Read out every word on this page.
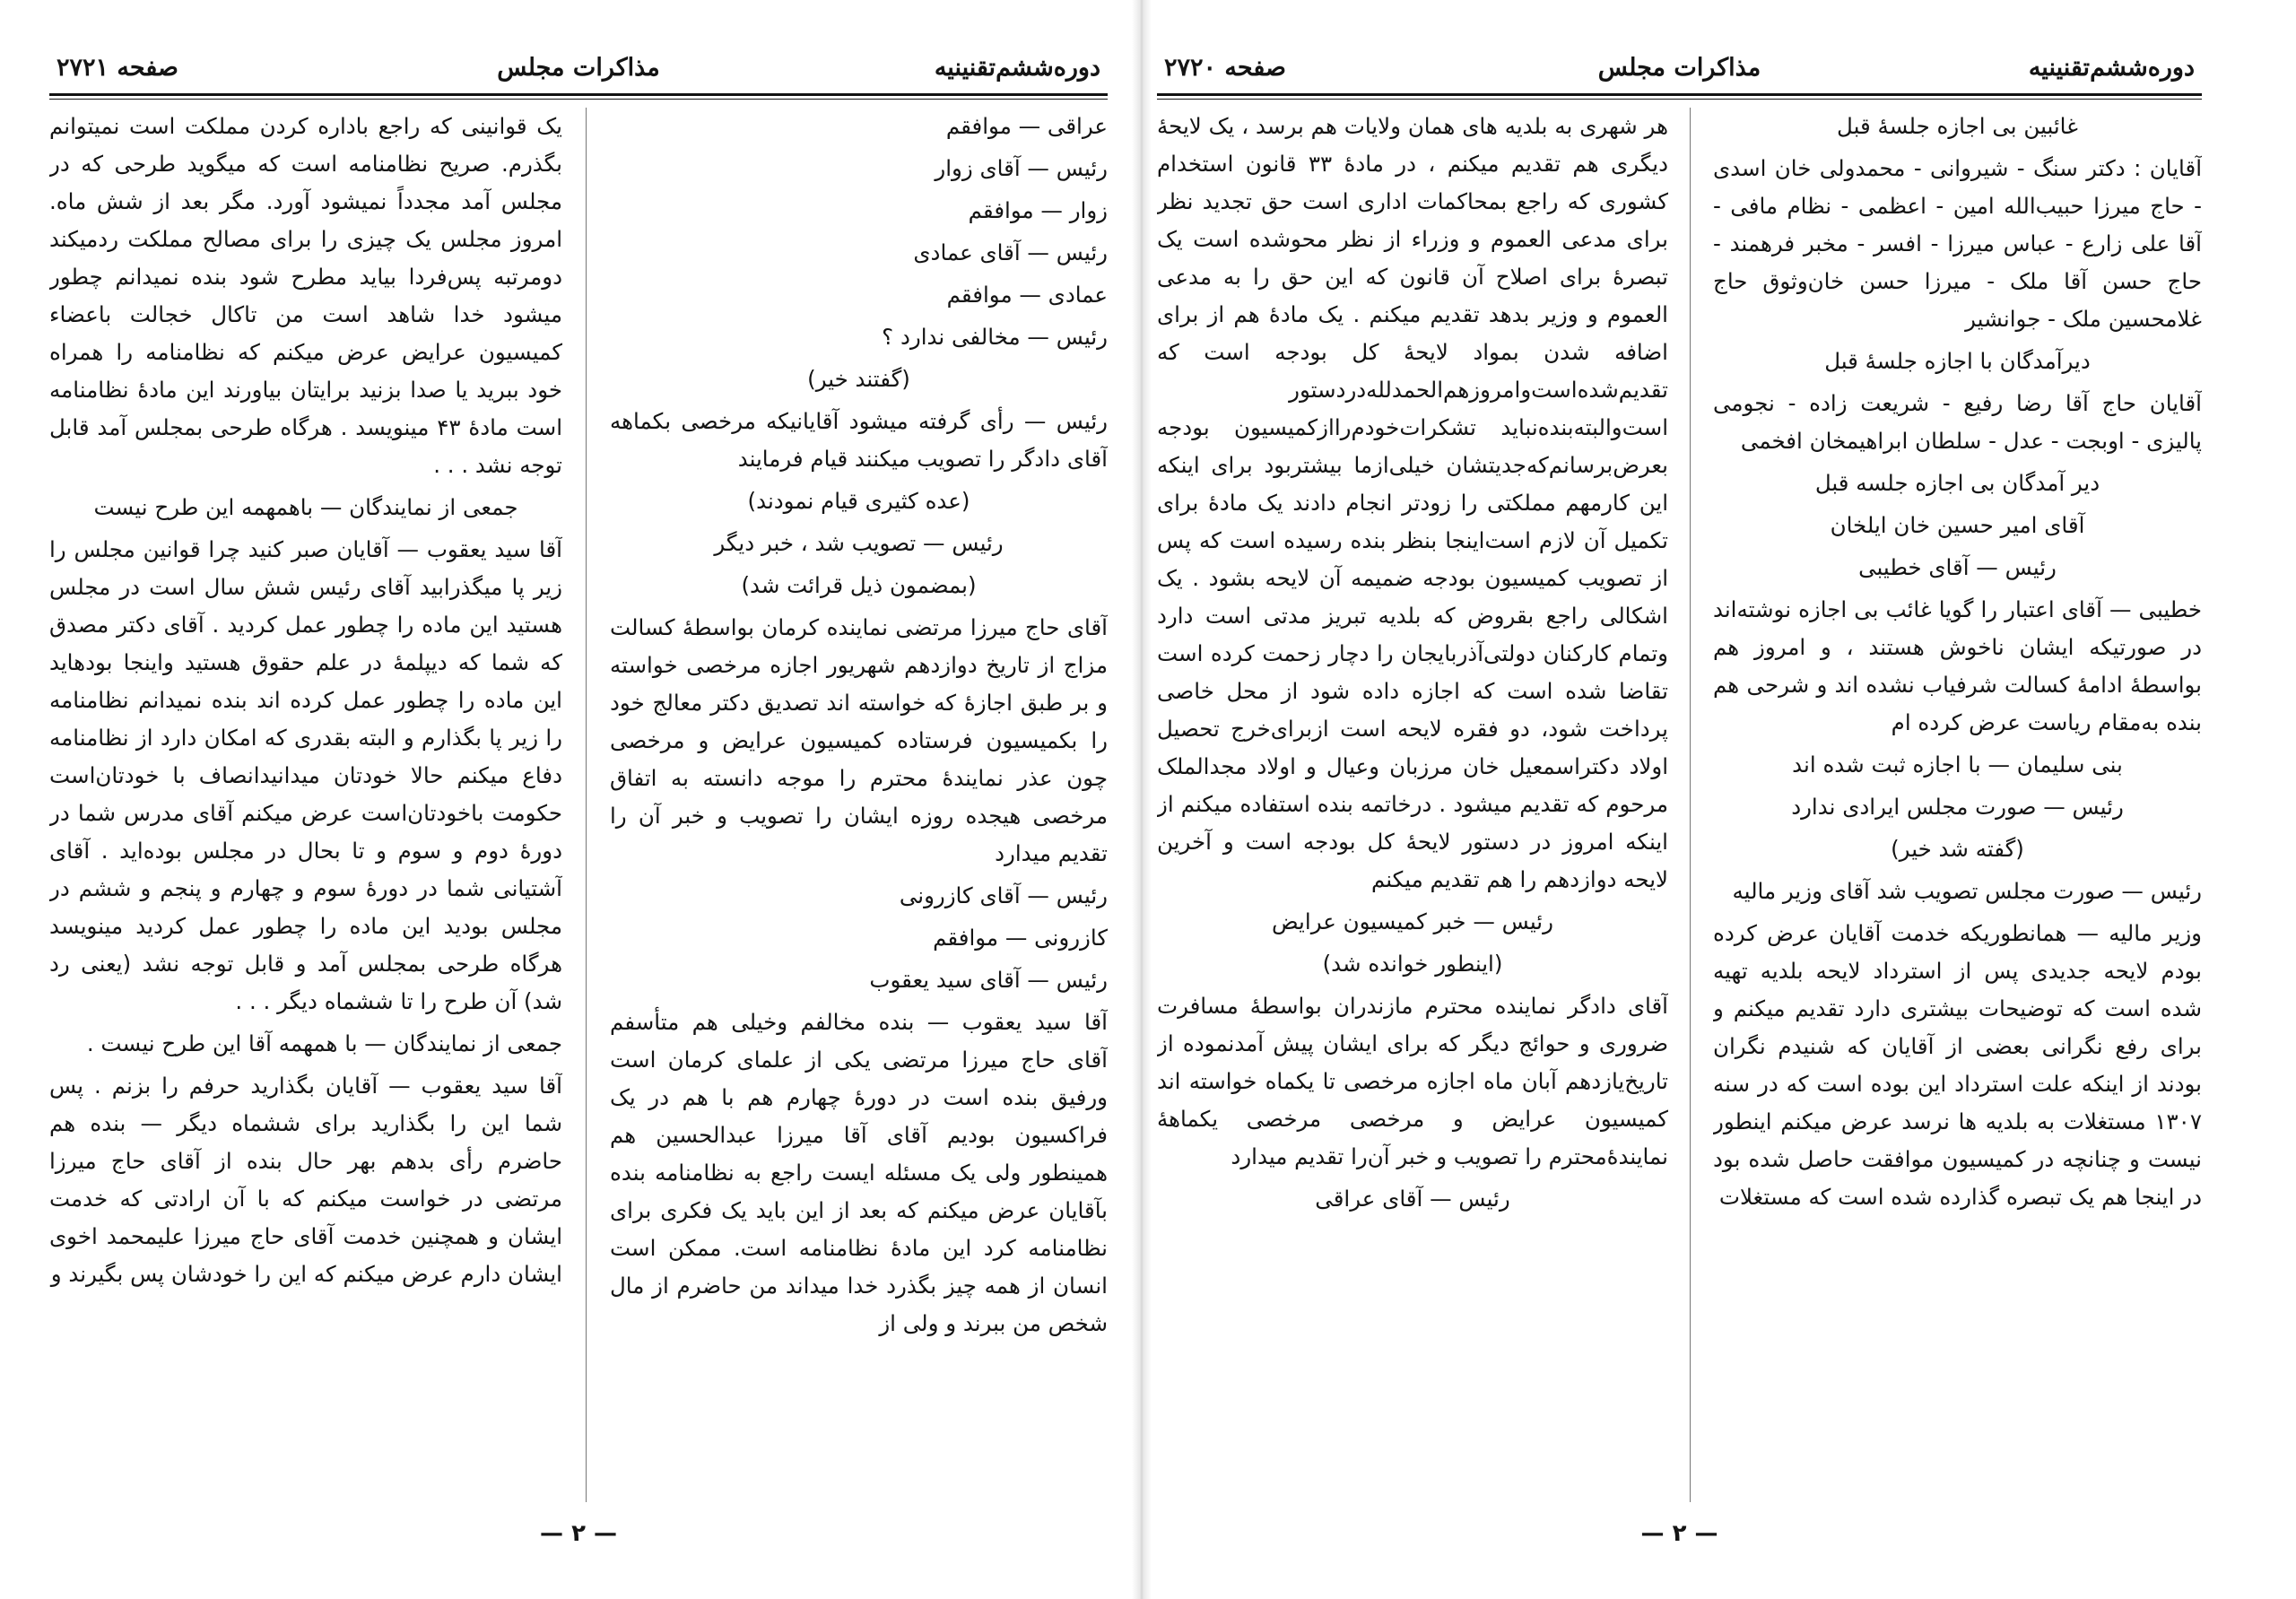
دوره‌ششم‌تقنینیه
مذاکرات مجلس
صفحه ۲۷۲۱

عراقی — موافقم

رئیس — آقای زوار

زوار — موافقم

رئیس — آقای عمادی

عمادی — موافقم

رئیس — مخالفی ندارد ؟

(گفتند خیر)

رئیس — رأی گرفته میشود آقایانیکه مرخصی بکماهه آقای دادگر را تصویب میکنند قیام فرمایند

(عده کثیری قیام نمودند)

رئیس — تصویب شد ، خبر دیگر

(بمضمون ذیل قرائت شد)

آقای حاج میرزا مرتضی نماینده کرمان بواسطهٔ کسالت مزاج از تاریخ دوازدهم شهریور اجازه مرخصی خواسته و بر طبق اجازهٔ که خواسته اند تصدیق دکتر معالج خود را بکمیسیون فرستاده کمیسیون عرایض و مرخصی چون عذر نمایندهٔ محترم را موجه دانسته به اتفاق مرخصی هیجده روزه ایشان را تصویب و خبر آن را تقدیم میدارد

رئیس — آقای کازرونی

کازرونی — موافقم

رئیس — آقای سید یعقوب

آقا سید یعقوب — بنده مخالفم وخیلی هم متأسفم آقای حاج میرزا مرتضی یکی از علمای کرمان است ورفیق بنده است در دورهٔ چهارم هم با هم در یک فراکسیون بودیم آقای آقا میرزا عبدالحسین هم همینطور ولی یک مسئله ایست راجع به نظامنامه بنده بآقایان عرض میکنم که بعد از این باید یک فکری برای نظامنامه کرد این مادهٔ نظامنامه است. ممکن است انسان از همه چیز بگذرد خدا میداند من حاضرم از مال شخص من ببرند و ولی از

یک قوانینی که راجع باداره کردن مملکت است نمیتوانم بگذرم. صریح نظامنامه است که میگوید طرحی که در مجلس آمد مجدداً نمیشود آورد. مگر بعد از شش ماه. امروز مجلس یک چیزی را برای مصالح مملکت ردمیکند دومرتبه پس‌فردا بیاید مطرح شود بنده نمیدانم چطور میشود خدا شاهد است من تاکال خجالت باعضاء کمیسیون عرایض عرض میکنم که نظامنامه را همراه خود ببرید یا صدا بزنید برایتان بیاورند این مادهٔ نظامنامه است مادهٔ ۴۳ مینویسد . هرگاه طرحی بمجلس آمد قابل توجه نشد . . .

جمعی از نمایندگان — باهمهمه این طرح نیست

آقا سید یعقوب — آقایان صبر کنید چرا قوانین مجلس را زیر پا میگذرابید آقای رئیس شش سال است در مجلس هستید این ماده را چطور عمل کردید . آقای دکتر مصدق که شما که دیپلمهٔ در علم حقوق هستید واینجا بودهاید این ماده را چطور عمل کرده اند بنده نمیدانم نظامنامه را زیر پا بگذارم و البته بقدری که امکان دارد از نظامنامه دفاع میکنم حالا خودتان میدانیدانصاف با خودتان‌است حکومت باخودتان‌است عرض میکنم آقای مدرس شما در دورهٔ دوم و سوم و تا بحال در مجلس بوده‌اید . آقای آشتیانی شما در دورهٔ سوم و چهارم و پنجم و ششم در مجلس بودید این ماده را چطور عمل کردید مینویسد هرگاه طرحی بمجلس آمد و قابل توجه نشد (یعنی رد شد) آن طرح را تا ششماه دیگر . . .

جمعی از نمایندگان — با همهمه آقا این طرح نیست .

آقا سید یعقوب — آقایان بگذارید حرفم را بزنم . پس شما این را بگذارید برای ششماه دیگر — بنده هم حاضرم رأی بدهم بهر حال بنده از آقای حاج میرزا مرتضی در خواست میکنم که با آن ارادتی که خدمت ایشان و همچنین خدمت آقای حاج میرزا علیمحمد اخوی ایشان دارم عرض میکنم که این را خودشان پس بگیرند و

— ۲ —
دوره‌ششم‌تقنینیه
مذاکرات مجلس
صفحه ۲۷۲۰

غائبین بی اجازه جلسهٔ قبل

آقایان : دکتر سنگ - شیروانی - محمدولی خان اسدی - حاج میرزا حبیب‌الله امین - اعظمی - نظام مافی - آقا علی زارع - عباس میرزا - افسر - مخبر فرهمند - حاج حسن آقا ملک - میرزا حسن خان‌وثوق حاج غلامحسین ملک - جوانشیر

دیرآمدگان با اجازه جلسهٔ قبل

آقایان حاج آقا رضا رفیع - شریعت زاده - نجومی پالیزی - اوبجت - عدل - سلطان ابراهیمخان افخمی

دیر آمدگان بی اجازه جلسه قبل

آقای امیر حسین خان ایلخان

رئیس — آقای خطیبی

خطیبی — آقای اعتبار را گویا غائب بی اجازه نوشته‌اند در صورتیکه ایشان ناخوش هستند ، و امروز هم بواسطهٔ ادامهٔ کسالت شرفیاب نشده اند و شرحی هم بنده به‌مقام ریاست عرض کرده ام

بنی سلیمان — با اجازه ثبت شده اند

رئیس — صورت مجلس ایرادی ندارد

(گفته شد خیر)

رئیس — صورت مجلس تصویب شد آقای وزیر مالیه

وزیر مالیه — همانطوریکه خدمت آقایان عرض کرده بودم لایحه جدیدی پس از استرداد لایحه بلدیه تهیه شده است که توضیحات بیشتری دارد تقدیم میکنم و برای رفع نگرانی بعضی از آقایان که شنیدم نگران بودند از اینکه علت استرداد این بوده است که در سنه ۱۳۰۷ مستغلات به بلدیه ها نرسد عرض میکنم اینطور نیست و چنانچه در کمیسیون موافقت حاصل شده بود در اینجا هم یک تبصره گذارده شده است که مستغلات

هر شهری به بلدیه های همان ولایات هم برسد ، یک لایحهٔ دیگری هم تقدیم میکنم ، در مادهٔ ۳۳ قانون استخدام کشوری که راجع بمحاکمات اداری است حق تجدید نظر برای مدعی العموم و وزراء از نظر محوشده است یک تبصرهٔ برای اصلاح آن قانون که این حق را به مدعی العموم و وزیر بدهد تقدیم میکنم . یک مادهٔ هم از برای اضافه شدن بمواد لایحهٔ کل بودجه است که تقدیم‌شده‌است‌وامروزهم‌الحمدلله‌دردستور است‌والبته‌بنده‌نباید تشکرات‌خودم‌راازکمیسیون بودجه بعرض‌برسانم‌که‌جدیتشان خیلی‌از‌ما بیشتربود برای اینکه این کارمهم مملکتی را زودتر انجام دادند یک مادهٔ برای تکمیل آن لازم است‌اینجا بنظر بنده رسیده است که پس از تصویب کمیسیون بودجه ضمیمه آن لایحه بشود . یک اشکالی راجع بقروض که بلدیه تبریز مدتی است دارد وتمام کارکنان دولتی‌آذربایجان را دچار زحمت کرده است تقاضا شده است که اجازه داده شود از محل خاصی پرداخت شود، دو فقره لایحه است از‌برای‌خرج تحصیل اولاد دکتراسمعیل خان مرزبان وعیال و اولاد مجدالملک مرحوم که تقدیم میشود . درخاتمه بنده استفاده میکنم از اینکه امروز در دستور لایحهٔ کل بودجه است و آخرین لایحه دوازدهم را هم تقدیم میکنم

رئیس — خبر کمیسیون عرایض

(اینطور خوانده شد)

آقای دادگر نماینده محترم مازندران بواسطهٔ مسافرت ضروری و حوائج دیگر که برای ایشان پیش آمدنموده از تاریخ‌یازدهم آبان ماه اجازه مرخصی تا یکماه خواسته اند کمیسیون عرایض و مرخصی مرخصی یکماههٔ نمایندهٔ‌محترم را تصویب و خبر آن‌را تقدیم میدارد

رئیس — آقای عراقی

— ۲ —
